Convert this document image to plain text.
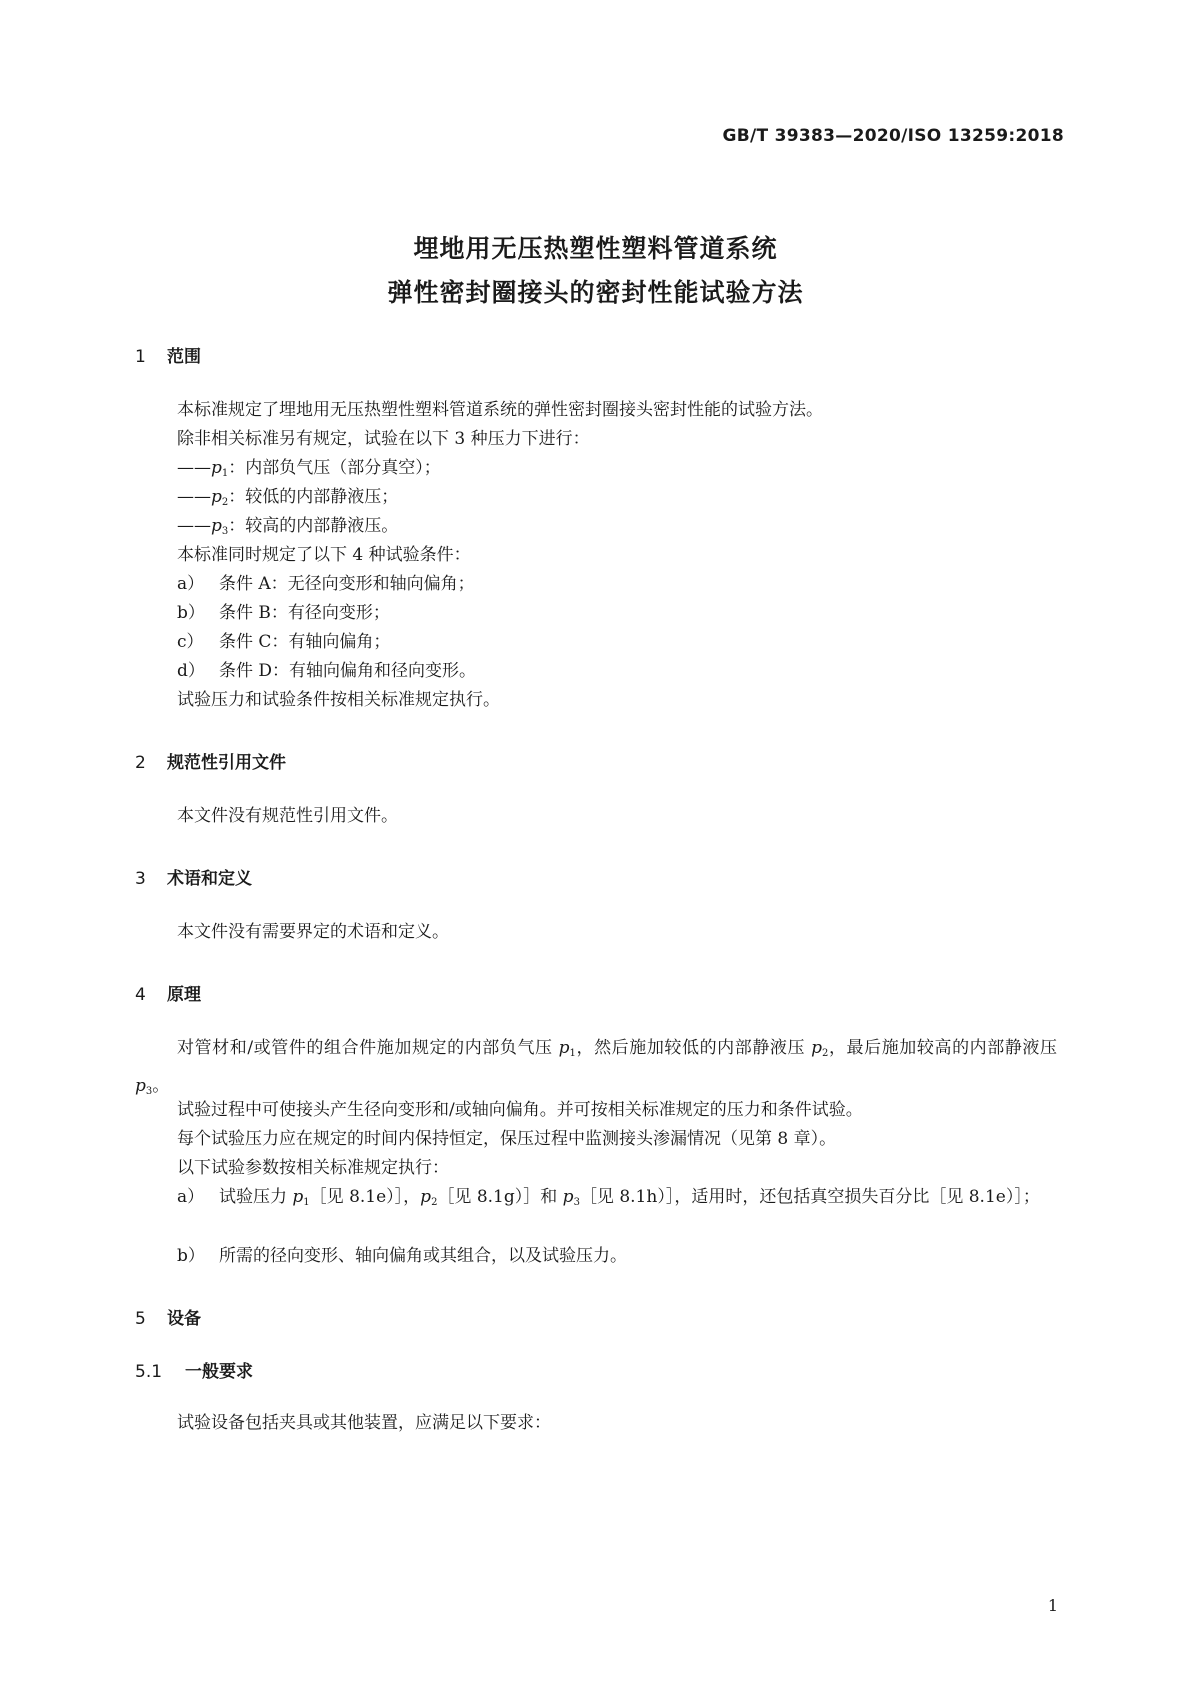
GB/T 39383—2020/ISO 13259:2018
埋地用无压热塑性塑料管道系统
弹性密封圈接头的密封性能试验方法
1 范围
本标准规定了埋地用无压热塑性塑料管道系统的弹性密封圈接头密封性能的试验方法。
除非相关标准另有规定，试验在以下 3 种压力下进行：
$——p_1$：内部负气压（部分真空）；
$——p_2$：较低的内部静液压；
$——p_3$：较高的内部静液压。
本标准同时规定了以下 4 种试验条件：
a） 条件 A：无径向变形和轴向偏角；
b） 条件 B：有径向变形；
c） 条件 C：有轴向偏角；
d） 条件 D：有轴向偏角和径向变形。
试验压力和试验条件按相关标准规定执行。
2 规范性引用文件
本文件没有规范性引用文件。
3 术语和定义
本文件没有需要界定的术语和定义。
4 原理
对管材和/或管件的组合件施加规定的内部负气压 $p_1$，然后施加较低的内部静液压 $p_2$，最后施加较高的内部静液压 $p_3$。
试验过程中可使接头产生径向变形和/或轴向偏角。并可按相关标准规定的压力和条件试验。
每个试验压力应在规定的时间内保持恒定，保压过程中监测接头渗漏情况（见第 8 章）。
以下试验参数按相关标准规定执行：
a） 试验压力 $p_1[$见 8.1e）］，$p_2[$见 8.1g）］和 $p_3[$见 8.1h）］，适用时，还包括真空损失百分比［见 8.1e）］；
b） 所需的径向变形、轴向偏角或其组合，以及试验压力。
5 设备
5.1 一般要求
试验设备包括夹具或其他装置，应满足以下要求：
1
